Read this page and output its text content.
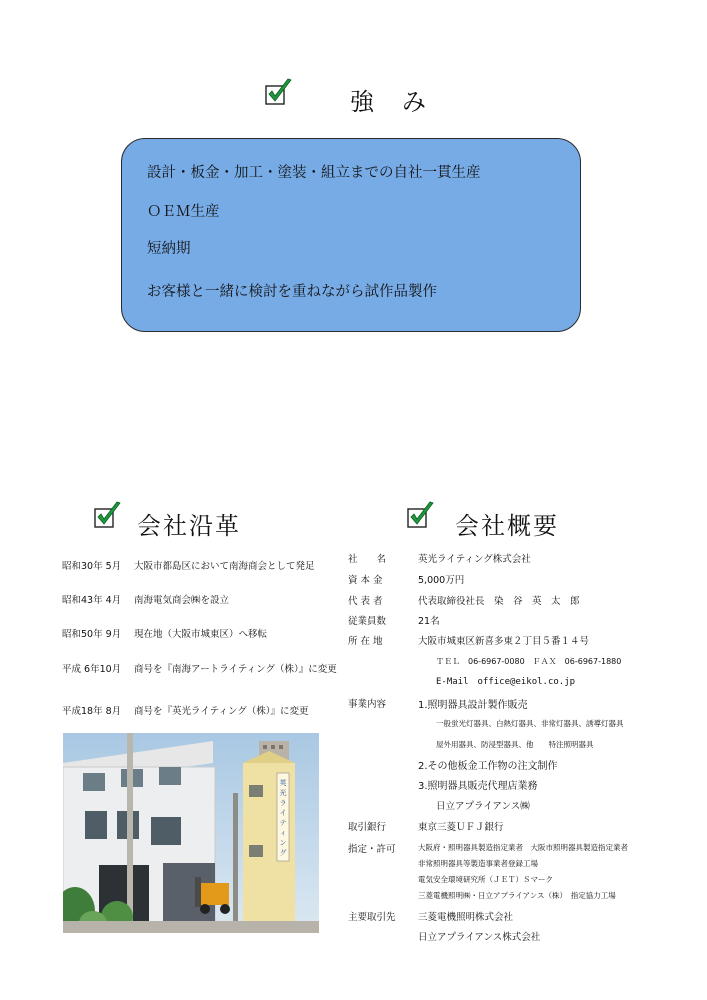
強　み
設計・板金・加工・塗装・組立までの自社一貫生産
ＯＥＭ生産
短納期
お客様と一緒に検討を重ねながら試作品製作
会社沿革
昭和30年 5月	大阪市都島区において南海商会として発足
昭和43年 4月	南海電気商会㈱を設立
昭和50年 9月	現在地（大阪市城東区）へ移転
平成 6年10月	商号を『南海アートライティング（株）』に変更
平成18年 8月	商号を『英光ライティング（株）』に変更
英
光
ラ
イ
テ
ィ
ン
グ
会社概要
社　　名	英光ライティング株式会社
資 本 金	5,000万円
代 表 者	代表取締役社長　染　谷　英　太　郎
従業員数	21名
所 在 地	大阪市城東区新喜多東２丁目５番１４号
ＴＥＬ　06-6967-0080　ＦＡＸ　06-6967-1880
E-Mail　office@eikol.co.jp
事業内容	1.照明器具設計製作販売
一般蛍光灯器具、白熱灯器具、非常灯器具、誘導灯器具
屋外用器具、防浸型器具、他　　特注照明器具
2.その他板金工作物の注文制作
3.照明器具販売代理店業務
日立アプライアンス㈱
取引銀行	東京三菱ＵＦＪ銀行
指定・許可	大阪府・照明器具製造指定業者　大阪市照明器具製造指定業者
非常照明器具等製造事業者登録工場
電気安全環境研究所（ＪＥＴ）Ｓマーク
三菱電機照明㈱・日立アプライアンス（株）　指定協力工場
主要取引先 三菱電機照明株式会社
日立アプライアンス株式会社
